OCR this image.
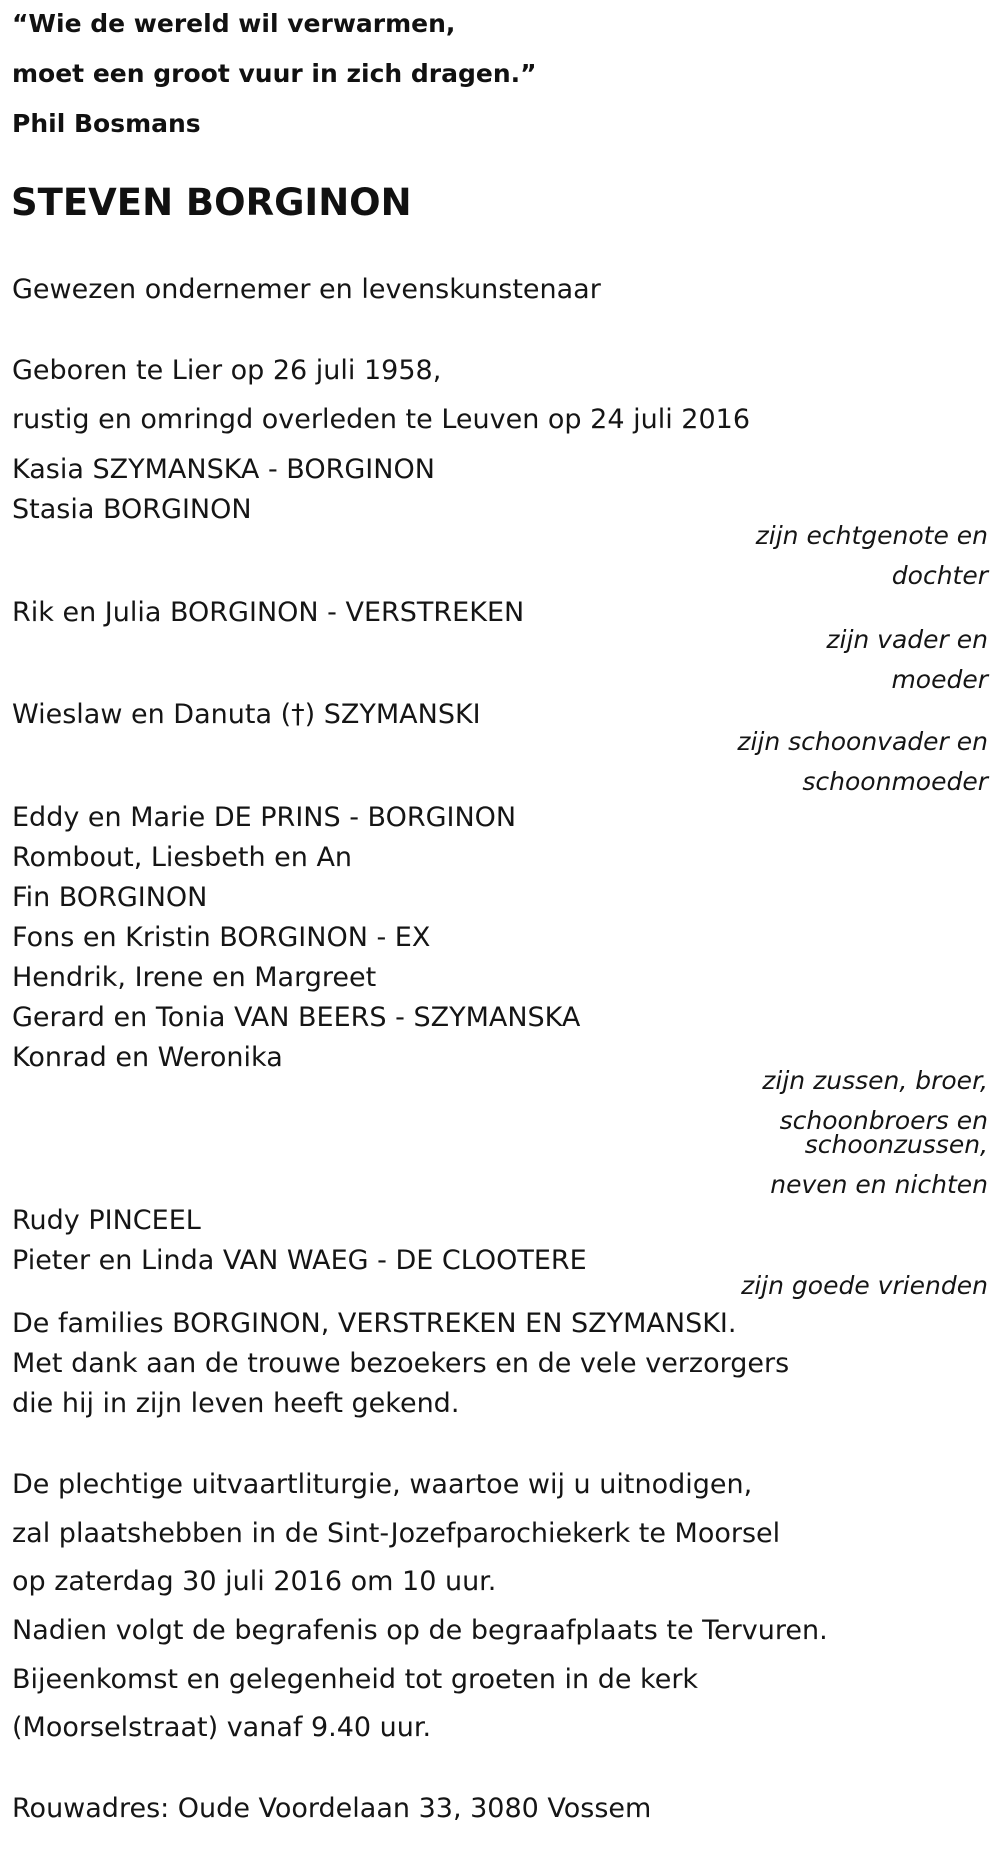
“Wie de wereld wil verwarmen,
moet een groot vuur in zich dragen.”
Phil Bosmans
STEVEN BORGINON
Gewezen ondernemer en levenskunstenaar
Geboren te Lier op 26 juli 1958,
rustig en omringd overleden te Leuven op 24 juli 2016
Kasia SZYMANSKA - BORGINON
Stasia BORGINON
zijn echtgenote en
dochter
Rik en Julia BORGINON - VERSTREKEN
zijn vader en
moeder
Wieslaw en Danuta (†) SZYMANSKI
zijn schoonvader en
schoonmoeder
Eddy en Marie DE PRINS - BORGINON
Rombout, Liesbeth en An
Fin BORGINON
Fons en Kristin BORGINON - EX
Hendrik, Irene en Margreet
Gerard en Tonia VAN BEERS - SZYMANSKA
Konrad en Weronika
zijn zussen, broer,
schoonbroers en
schoonzussen,
neven en nichten
Rudy PINCEEL
Pieter en Linda VAN WAEG - DE CLOOTERE
zijn goede vrienden
De families BORGINON, VERSTREKEN EN SZYMANSKI.
Met dank aan de trouwe bezoekers en de vele verzorgers
die hij in zijn leven heeft gekend.
De plechtige uitvaartliturgie, waartoe wij u uitnodigen,
zal plaatshebben in de Sint-Jozefparochiekerk te Moorsel
op zaterdag 30 juli 2016 om 10 uur.
Nadien volgt de begrafenis op de begraafplaats te Tervuren.
Bijeenkomst en gelegenheid tot groeten in de kerk
(Moorselstraat) vanaf 9.40 uur.
Rouwadres: Oude Voordelaan 33, 3080 Vossem
